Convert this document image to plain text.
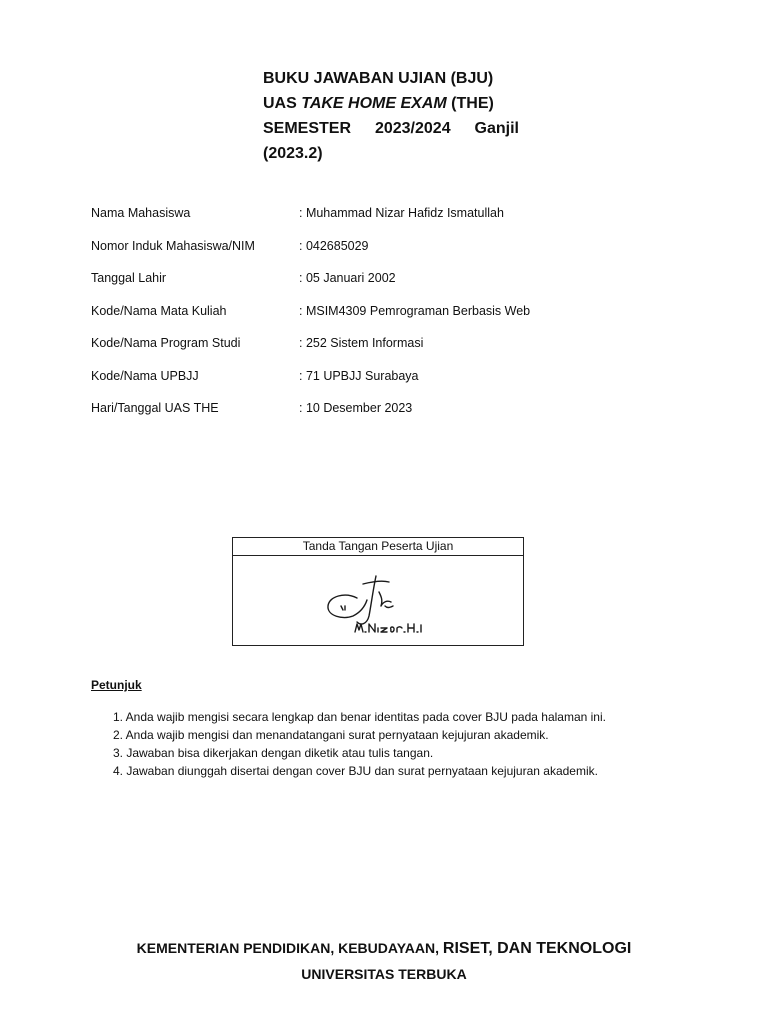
BUKU JAWABAN UJIAN (BJU)
UAS TAKE HOME EXAM (THE)
SEMESTER 2023/2024 Ganjil
(2023.2)
Nama Mahasiswa	: Muhammad Nizar Hafidz Ismatullah
Nomor Induk Mahasiswa/NIM	: 042685029
Tanggal Lahir	: 05 Januari 2002
Kode/Nama Mata Kuliah	: MSIM4309 Pemrograman Berbasis Web
Kode/Nama Program Studi	: 252 Sistem Informasi
Kode/Nama UPBJJ	: 71 UPBJJ Surabaya
Hari/Tanggal UAS THE	: 10 Desember 2023
Tanda Tangan Peserta Ujian
Petunjuk
1. Anda wajib mengisi secara lengkap dan benar identitas pada cover BJU pada halaman ini.
2. Anda wajib mengisi dan menandatangani surat pernyataan kejujuran akademik.
3. Jawaban bisa dikerjakan dengan diketik atau tulis tangan.
4. Jawaban diunggah disertai dengan cover BJU dan surat pernyataan kejujuran akademik.
KEMENTERIAN PENDIDIKAN, KEBUDAYAAN, RISET, DAN TEKNOLOGI
UNIVERSITAS TERBUKA
